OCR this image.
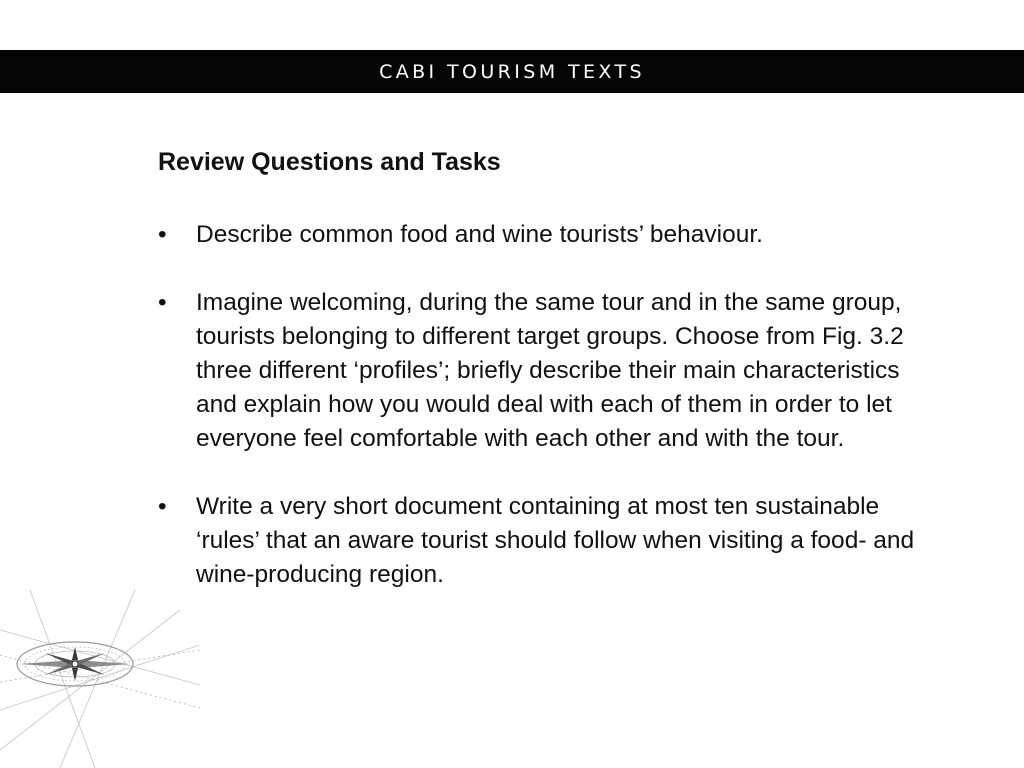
CABI TOURISM TEXTS
Review Questions and Tasks
• Describe common food and wine tourists’ behaviour.
• Imagine welcoming, during the same tour and in the same group, tourists belonging to different target groups. Choose from Fig. 3.2 three different ‘profiles’; briefly describe their main characteristics and explain how you would deal with each of them in order to let everyone feel comfortable with each other and with the tour.
• Write a very short document containing at most ten sustainable ‘rules’ that an aware tourist should follow when visiting a food- and wine-producing region.
